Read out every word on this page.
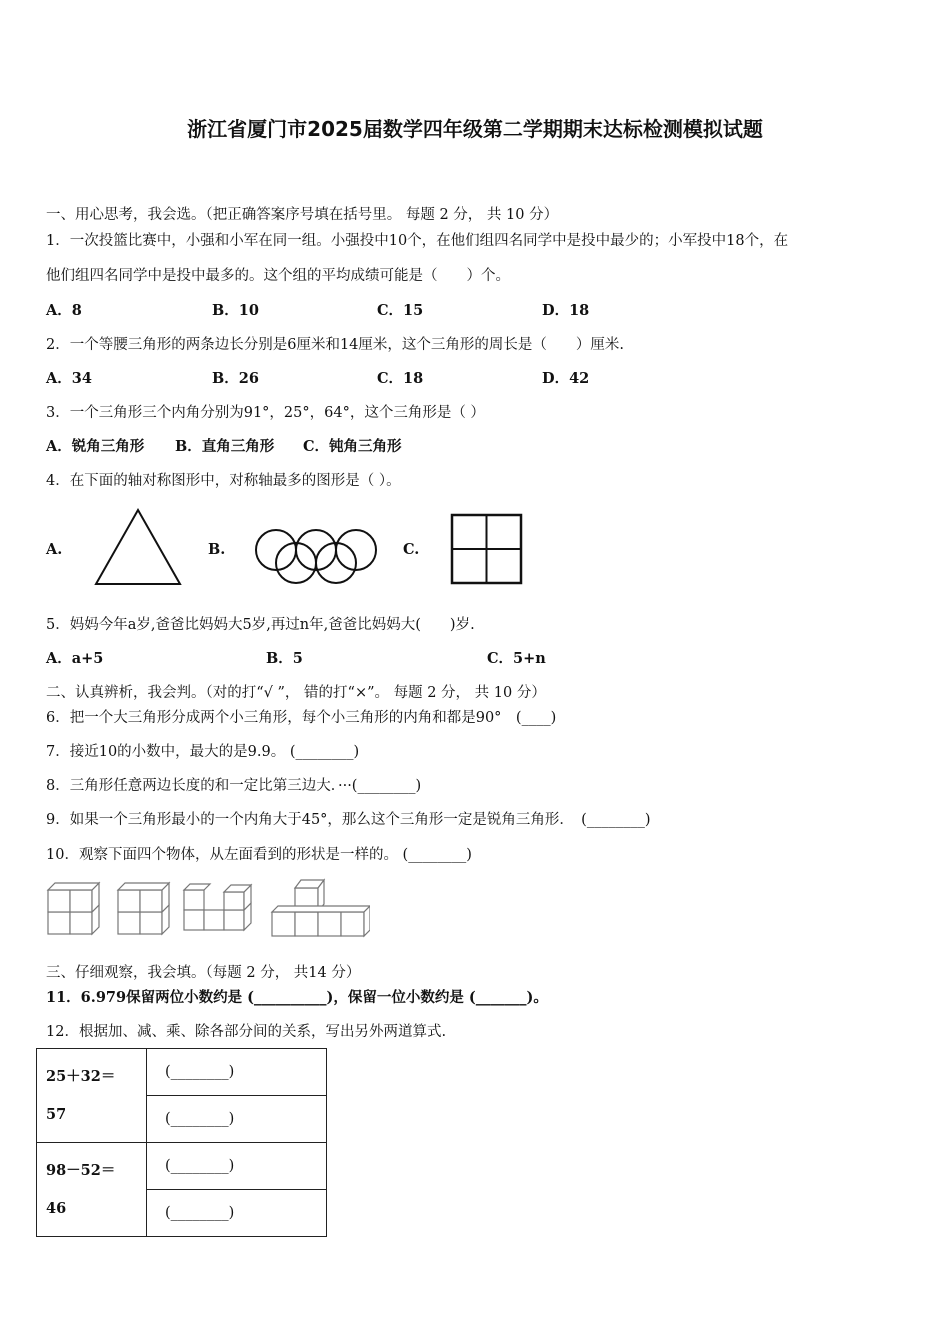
浙江省厦门市2025届数学四年级第二学期期末达标检测模拟试题
一、用心思考，我会选。（把正确答案序号填在括号里。 每题 2 分， 共 10 分）
1．一次投篮比赛中，小强和小军在同一组。小强投中10个，在他们组四名同学中是投中最少的；小军投中18个，在
他们组四名同学中是投中最多的。这个组的平均成绩可能是（　　）个。
A．8	B．10	C．15	D．18
2．一个等腰三角形的两条边长分别是6厘米和14厘米，这个三角形的周长是（　　）厘米.
A．34	B．26	C．18	D．42
3．一个三角形三个内角分别为91°，25°，64°，这个三角形是（ ）
A．锐角三角形 B．直角三角形 C．钝角三角形
4．在下面的轴对称图形中，对称轴最多的图形是（ ）。
A.	B.	C.
5．妈妈今年a岁,爸爸比妈妈大5岁,再过n年,爸爸比妈妈大(　　)岁.
A．a+5	B．5	C．5+n
二、认真辨析，我会判。（对的打“√ ”， 错的打“×”。 每题 2 分， 共 10 分）
6．把一个大三角形分成两个小三角形，每个小三角形的内角和都是90°　(____)
7．接近10的小数中，最大的是9.9。 (________)
8．三角形任意两边长度的和一定比第三边大．···(________)
9．如果一个三角形最小的一个内角大于45°，那么这个三角形一定是锐角三角形．　(________)
10．观察下面四个物体，从左面看到的形状是一样的。 (________)
三、仔细观察，我会填。（每题 2 分， 共14 分）
11．6.979保留两位小数约是 (__________)，保留一位小数约是 (_______)。
12．根据加、减、乘、除各部分间的关系，写出另外两道算式.
25＋32＝
57	(________)
	(________)

98－52＝
46	(________)
	(________)
